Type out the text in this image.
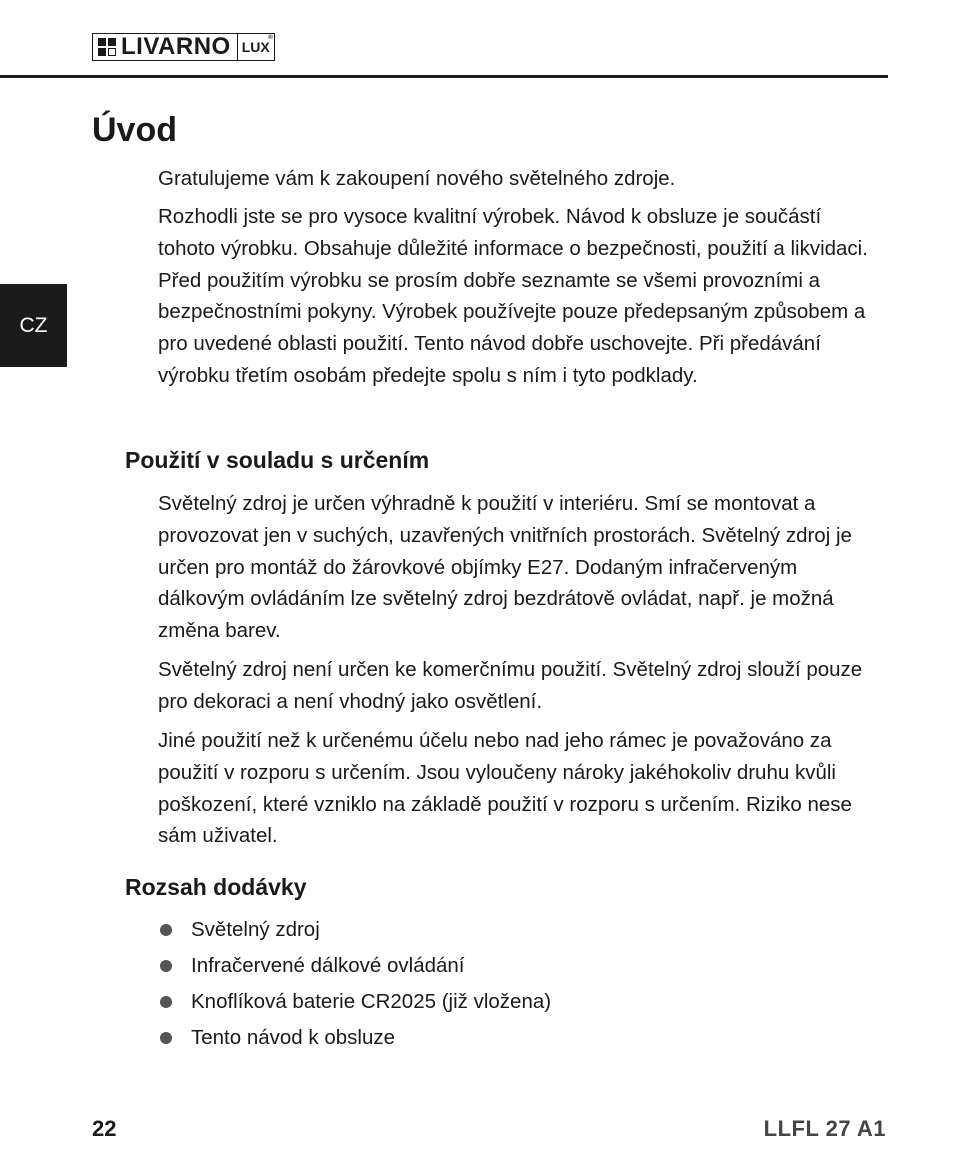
LIVARNO LUX
®
CZ
Úvod

Gratulujeme vám k zakoupení nového světelného zdroje.

Rozhodli jste se pro vysoce kvalitní výrobek. Návod k obsluze je součástí tohoto výrobku. Obsahuje důležité informace o bezpečnosti, použití a likvidaci. Před použitím výrobku se prosím dobře seznamte se všemi provozními a bezpečnostními pokyny. Výrobek používejte pouze předepsaným způsobem a pro uvedené oblasti použití. Tento návod dobře uschovejte. Při předávání výrobku třetím osobám předejte spolu s ním i tyto podklady.

Použití v souladu s určením

Světelný zdroj je určen výhradně k použití v interiéru. Smí se montovat a provozovat jen v suchých, uzavřených vnitřních prostorách. Světelný zdroj je určen pro montáž do žárovkové objímky E27. Dodaným infračerveným dálkovým ovládáním lze světelný zdroj bezdrátově ovládat, např. je možná změna barev.

Světelný zdroj není určen ke komerčnímu použití. Světelný zdroj slouží pouze pro dekoraci a není vhodný jako osvětlení.

Jiné použití než k určenému účelu nebo nad jeho rámec je považováno za použití v rozporu s určením. Jsou vyloučeny nároky jakéhokoliv druhu kvůli poškození, které vzniklo na základě použití v rozporu s určením. Riziko nese sám uživatel.

Rozsah dodávky
Světelný zdroj
Infračervené dálkové ovládání
Knoflíková baterie CR2025 (již vložena)
Tento návod k obsluze
22	LLFL 27 A1
